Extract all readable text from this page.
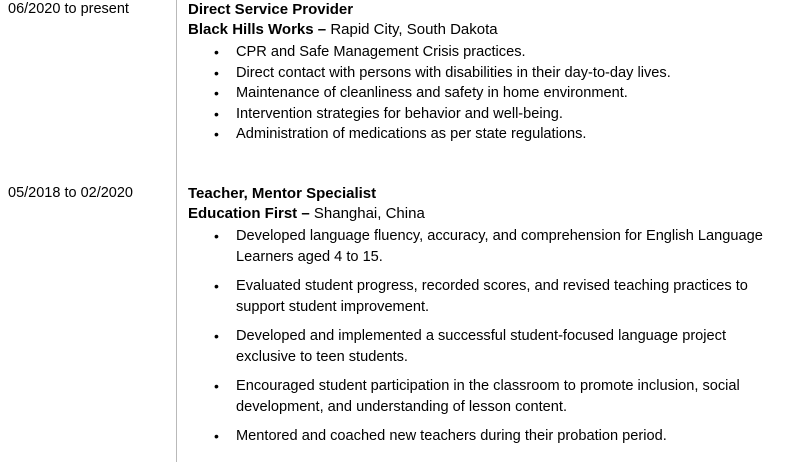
06/2020 to present	Direct Service Provider
Black Hills Works – Rapid City, South Dakota
• CPR and Safe Management Crisis practices.
• Direct contact with persons with disabilities in their day-to-day lives.
• Maintenance of cleanliness and safety in home environment.
• Intervention strategies for behavior and well-being.
• Administration of medications as per state regulations.
05/2018 to 02/2020	Teacher, Mentor Specialist
Education First – Shanghai, China
• Developed language fluency, accuracy, and comprehension for English Language Learners aged 4 to 15.
• Evaluated student progress, recorded scores, and revised teaching practices to support student improvement.
• Developed and implemented a successful student-focused language project exclusive to teen students.
• Encouraged student participation in the classroom to promote inclusion, social development, and understanding of lesson content.
• Mentored and coached new teachers during their probation period.
